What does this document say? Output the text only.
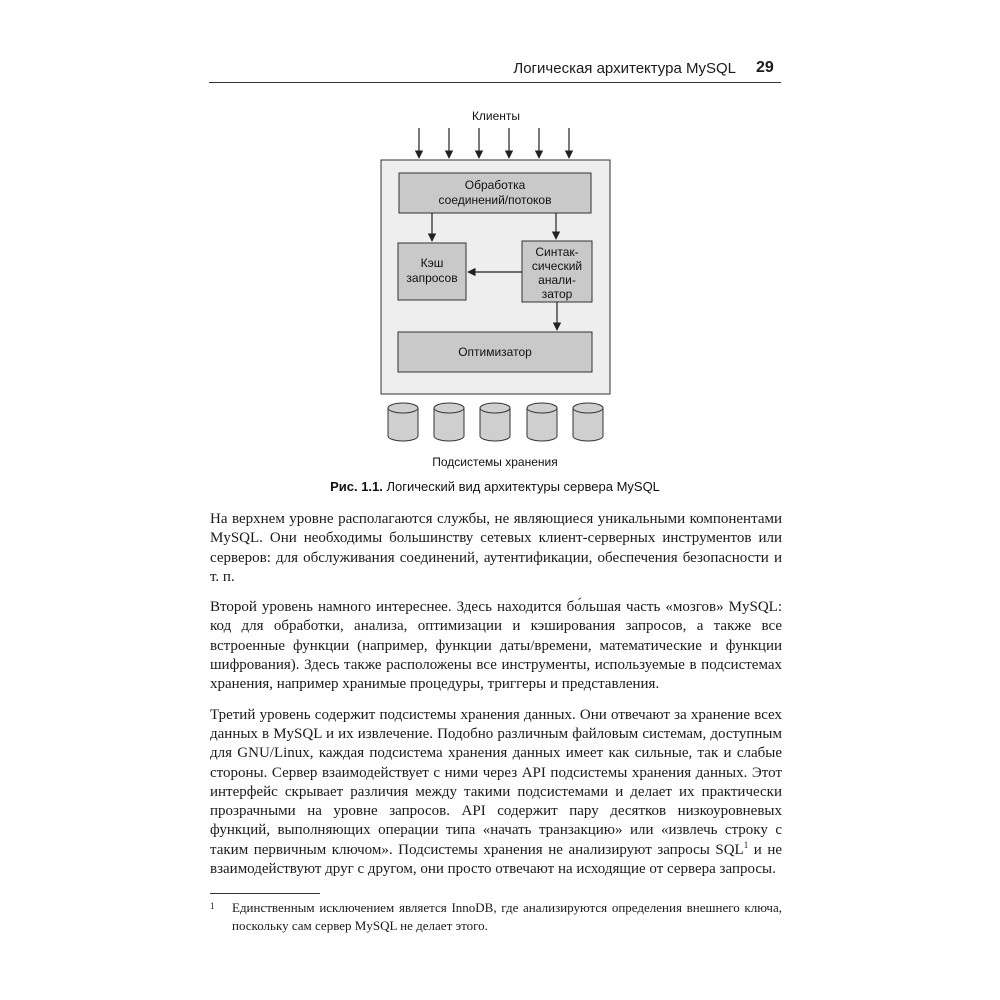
Логическая архитектура MySQL 29
Клиенты
Обработка
соединений/потоков
Кэш
запросов
Синтак-
сический
анали-
затор
Оптимизатор
Подсистемы хранения
Рис. 1.1. Логический вид архитектуры сервера MySQL

На верхнем уровне располагаются службы, не являющиеся уникальными компонентами MySQL. Они необходимы большинству сетевых клиент-серверных инструментов или серверов: для обслуживания соединений, аутентификации, обеспечения безопасности и т. п.

Второй уровень намного интереснее. Здесь находится бо́льшая часть «мозгов» MySQL: код для обработки, анализа, оптимизации и кэширования запросов, а также все встроенные функции (например, функции даты/времени, математические и функции шифрования). Здесь также расположены все инструменты, используемые в подсистемах хранения, например хранимые процедуры, триггеры и представления.

Третий уровень содержит подсистемы хранения данных. Они отвечают за хранение всех данных в MySQL и их извлечение. Подобно различным файловым системам, доступным для GNU/Linux, каждая подсистема хранения данных имеет как сильные, так и слабые стороны. Сервер взаимодействует с ними через API подсистемы хранения данных. Этот интерфейс скрывает различия между такими подсистемами и делает их практически прозрачными на уровне запросов. API содержит пару десятков низкоуровневых функций, выполняющих операции типа «начать транзакцию» или «извлечь строку с таким первичным ключом». Подсистемы хранения не анализируют запросы SQL$^1$ и не взаимодействуют друг с другом, они просто отвечают на исходящие от сервера запросы.

1 Единственным исключением является InnoDB, где анализируются определения внешнего ключа, поскольку сам сервер MySQL не делает этого.
